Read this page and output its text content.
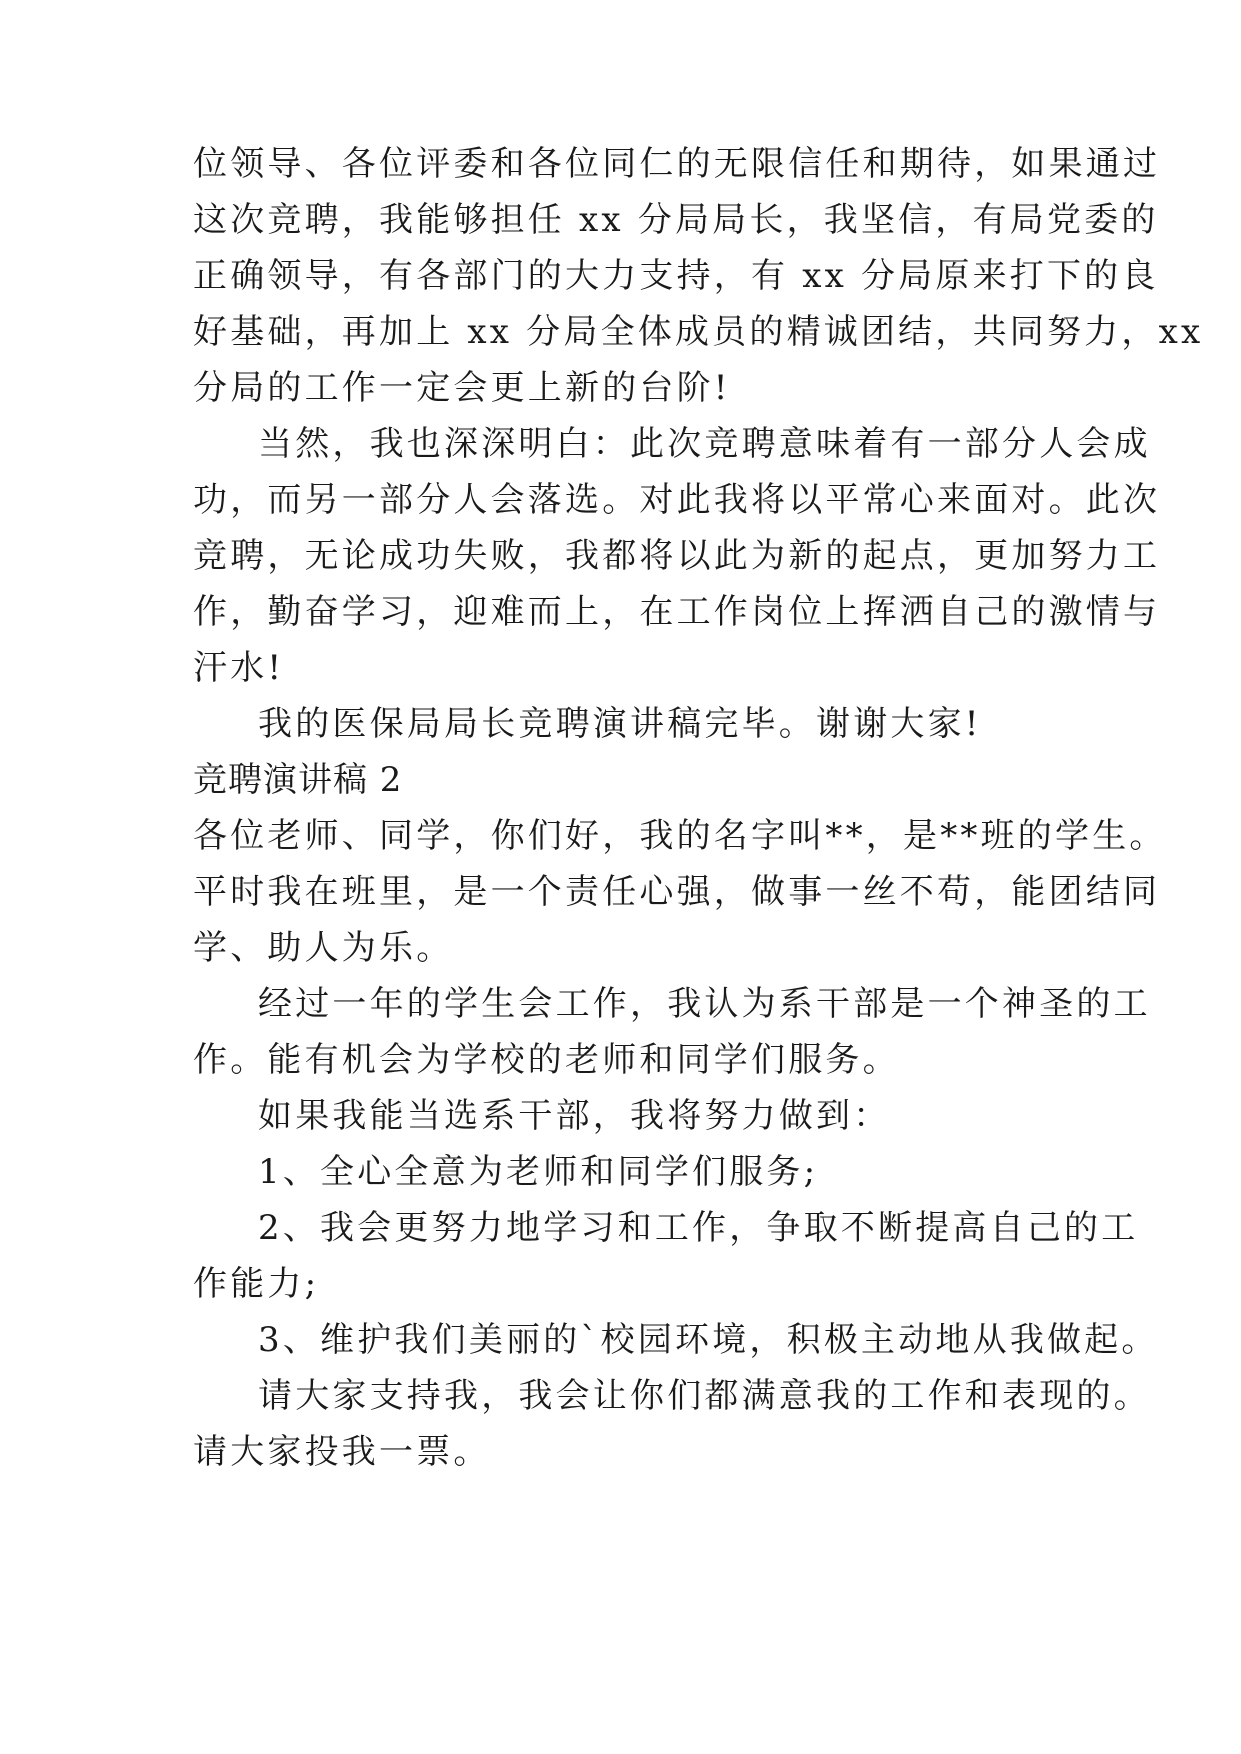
位领导、各位评委和各位同仁的无限信任和期待，如果通过
这次竞聘，我能够担任 xx 分局局长，我坚信，有局党委的
正确领导，有各部门的大力支持，有 xx 分局原来打下的良
好基础，再加上 xx 分局全体成员的精诚团结，共同努力，xx
分局的工作一定会更上新的台阶!
当然，我也深深明白：此次竞聘意味着有一部分人会成
功，而另一部分人会落选。对此我将以平常心来面对。此次
竞聘，无论成功失败，我都将以此为新的起点，更加努力工
作，勤奋学习，迎难而上，在工作岗位上挥洒自己的激情与
汗水!
我的医保局局长竞聘演讲稿完毕。谢谢大家!
竞聘演讲稿 2
各位老师、同学，你们好，我的名字叫**，是**班的学生。
平时我在班里，是一个责任心强，做事一丝不苟，能团结同
学、助人为乐。
经过一年的学生会工作，我认为系干部是一个神圣的工
作。能有机会为学校的老师和同学们服务。
如果我能当选系干部，我将努力做到：
1、全心全意为老师和同学们服务;
2、我会更努力地学习和工作，争取不断提高自己的工
作能力;
3、维护我们美丽的`校园环境，积极主动地从我做起。
请大家支持我，我会让你们都满意我的工作和表现的。
请大家投我一票。
